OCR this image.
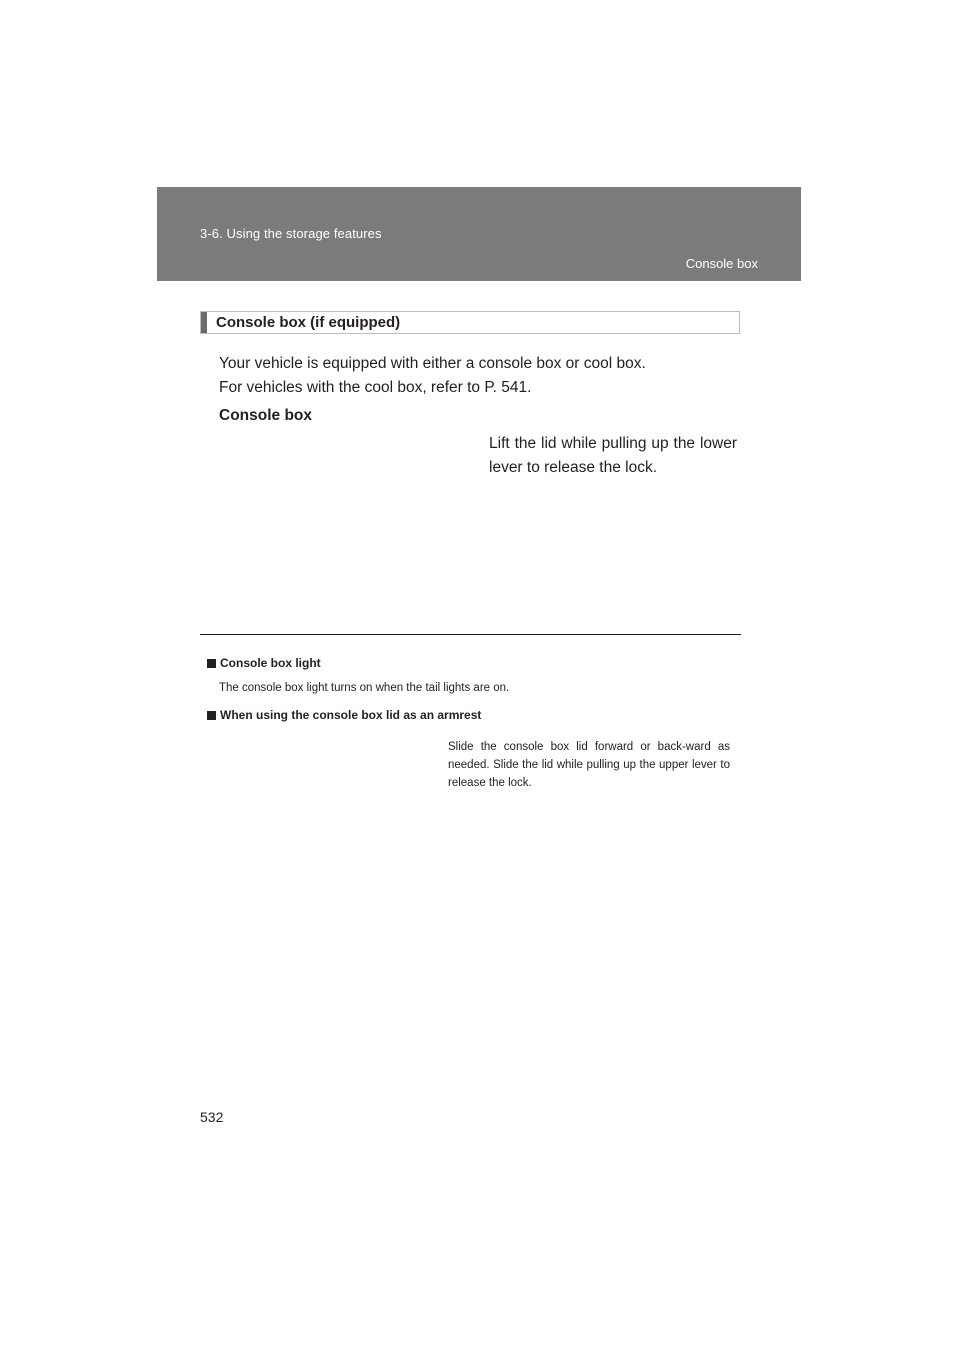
3-6. Using the storage features
Console box
Console box (if equipped)
Your vehicle is equipped with either a console box or cool box.
For vehicles with the cool box, refer to P. 541.
Console box
Lift the lid while pulling up the lower lever to release the lock.
Console box light
The console box light turns on when the tail lights are on.
When using the console box lid as an armrest
Slide the console box lid forward or back-ward as needed. Slide the lid while pulling up the upper lever to release the lock.
532
